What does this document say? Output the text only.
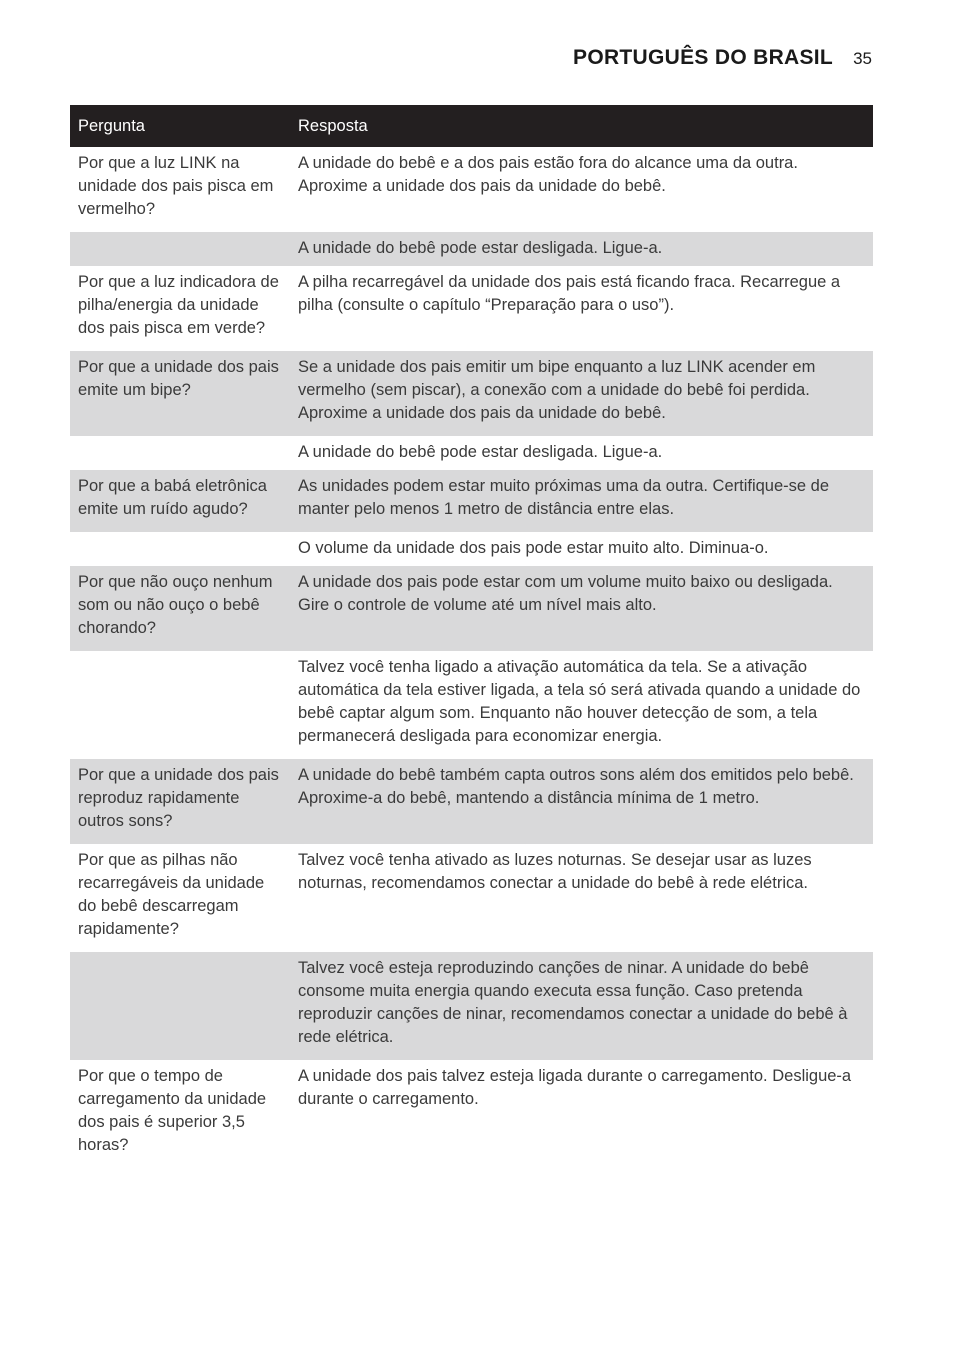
PORTUGUÊS DO BRASIL 35
Pergunta	Resposta
Por que a luz LINK na unidade dos pais pisca em vermelho?	A unidade do bebê e a dos pais estão fora do alcance uma da outra. Aproxime a unidade dos pais da unidade do bebê.
	A unidade do bebê pode estar desligada. Ligue-a.
Por que a luz indicadora de pilha/energia da unidade dos pais pisca em verde?	A pilha recarregável da unidade dos pais está ficando fraca. Recarregue a pilha (consulte o capítulo “Preparação para o uso”).
Por que a unidade dos pais emite um bipe?	Se a unidade dos pais emitir um bipe enquanto a luz LINK acender em vermelho (sem piscar), a conexão com a unidade do bebê foi perdida. Aproxime a unidade dos pais da unidade do bebê.
	A unidade do bebê pode estar desligada. Ligue-a.
Por que a babá eletrônica emite um ruído agudo?	As unidades podem estar muito próximas uma da outra. Certifique-se de manter pelo menos 1 metro de distância entre elas.
	O volume da unidade dos pais pode estar muito alto. Diminua-o.
Por que não ouço nenhum som ou não ouço o bebê chorando?	A unidade dos pais pode estar com um volume muito baixo ou desligada. Gire o controle de volume até um nível mais alto.
	Talvez você tenha ligado a ativação automática da tela. Se a ativação automática da tela estiver ligada, a tela só será ativada quando a unidade do bebê captar algum som. Enquanto não houver detecção de som, a tela permanecerá desligada para economizar energia.
Por que a unidade dos pais reproduz rapidamente outros sons?	A unidade do bebê também capta outros sons além dos emitidos pelo bebê. Aproxime-a do bebê, mantendo a distância mínima de 1 metro.
Por que as pilhas não recarregáveis da unidade do bebê descarregam rapidamente?	Talvez você tenha ativado as luzes noturnas. Se desejar usar as luzes noturnas, recomendamos conectar a unidade do bebê à rede elétrica.
	Talvez você esteja reproduzindo canções de ninar. A unidade do bebê consome muita energia quando executa essa função. Caso pretenda reproduzir canções de ninar, recomendamos conectar a unidade do bebê à rede elétrica.
Por que o tempo de carregamento da unidade dos pais é superior 3,5 horas?	A unidade dos pais talvez esteja ligada durante o carregamento. Desligue-a durante o carregamento.
